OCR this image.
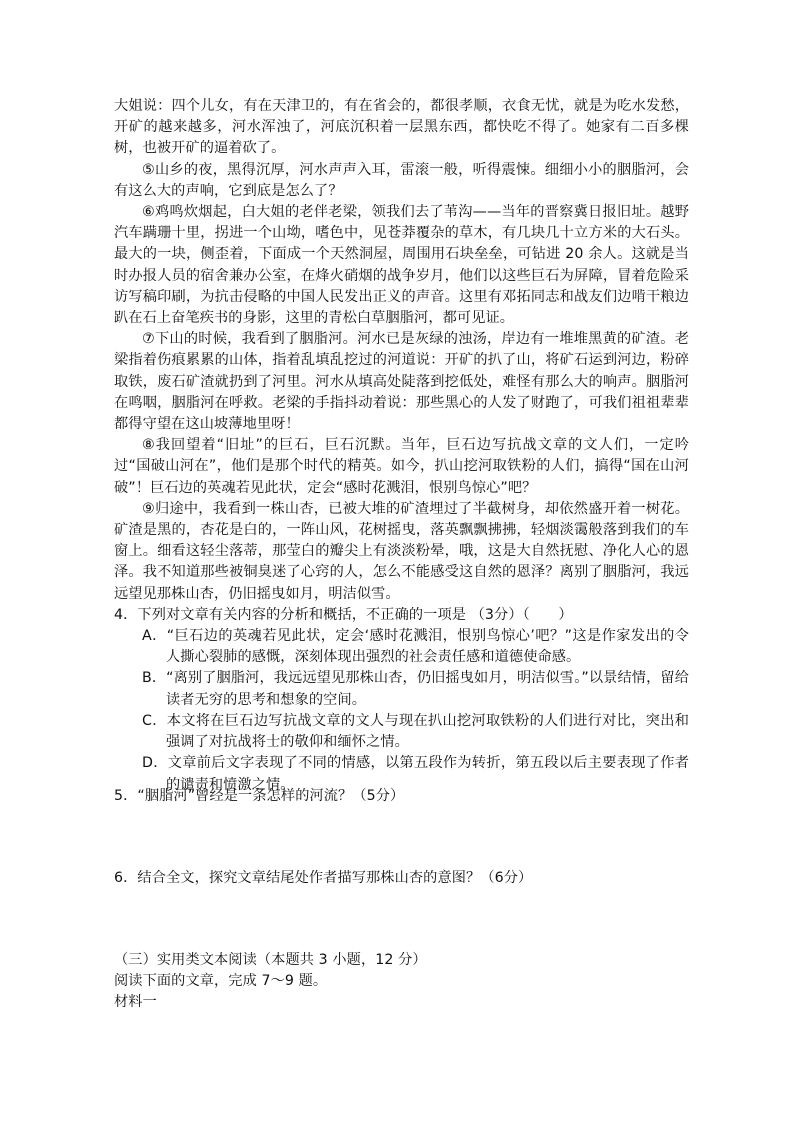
大姐说：四个儿女，有在天津卫的，有在省会的，都很孝顺，衣食无忧，就是为吃水发愁，开矿的越来越多，河水浑浊了，河底沉积着一层黑东西，都快吃不得了。她家有二百多棵树，也被开矿的逼着砍了。

⑤山乡的夜，黑得沉厚，河水声声入耳，雷滚一般，听得震悚。细细小小的胭脂河，会有这么大的声响，它到底是怎么了？

⑥鸡鸣炊烟起，白大姐的老伴老梁，领我们去了苇沟——当年的晋察冀日报旧址。越野汽车蹒珊十里，拐进一个山坳，嗜色中，见苍莽覆杂的草木，有几块几十立方米的大石头。最大的一块，侧歪着，下面成一个天然洞屋，周围用石块垒垒，可钻进 20 余人。这就是当时办报人员的宿舍兼办公室，在烽火硝烟的战争岁月，他们以这些巨石为屏障，冒着危险采访写稿印刷，为抗击侵略的中国人民发出正义的声音。这里有邓拓同志和战友们边啃干粮边趴在石上奋笔疾书的身影，这里的青松白草胭脂河，都可见证。

⑦下山的时候，我看到了胭脂河。河水已是灰绿的浊汤，岸边有一堆堆黑黄的矿渣。老梁指着伤痕累累的山体，指着乱填乱挖过的河道说：开矿的扒了山，将矿石运到河边，粉碎取铁，废石矿渣就扔到了河里。河水从填高处陡落到挖低处，难怪有那么大的响声。胭脂河在鸣咽，胭脂河在呼救。老梁的手指抖动着说：那些黑心的人发了财跑了，可我们祖祖辈辈都得守望在这山坡薄地里呀！

⑧我回望着“旧址”的巨石，巨石沉默。当年，巨石边写抗战文章的文人们，一定吟过“国破山河在”，他们是那个时代的精英。如今，扒山挖河取铁粉的人们，搞得“国在山河破”！巨石边的英魂若见此状，定会“感时花溅泪，恨别鸟惊心”吧？

⑨归途中，我看到一株山杏，已被大堆的矿渣埋过了半截树身，却依然盛开着一树花。矿渣是黑的，杏花是白的，一阵山风，花树摇曳，落英飘飘拂拂，轻烟淡霭般落到我们的车窗上。细看这轻尘落蒂，那莹白的瓣尖上有淡淡粉晕，哦，这是大自然抚慰、净化人心的恩泽。我不知道那些被铜臭迷了心窍的人，怎么不能感受这自然的恩泽？离别了胭脂河，我远远望见那株山杏，仍旧摇曳如月，明洁似雪。

4．下列对文章有关内容的分析和概括，不正确的一项是 （3分）（　　）

A．“巨石边的英魂若见此状，定会‘感时花溅泪，恨别鸟惊心’吧？”这是作家发出的令人撕心裂肺的感慨，深刻体现出强烈的社会责任感和道德使命感。

B．“离别了胭脂河，我远远望见那株山杏，仍旧摇曳如月，明洁似雪。”以景结情，留给读者无穷的思考和想象的空间。

C．本文将在巨石边写抗战文章的文人与现在扒山挖河取铁粉的人们进行对比，突出和强调了对抗战将士的敬仰和缅怀之情。

D．文章前后文字表现了不同的情感，以第五段作为转折，第五段以后主要表现了作者的谴责和愤激之情。

5．“胭脂河”曾经是一条怎样的河流？（5分）

6．结合全文，探究文章结尾处作者描写那株山杏的意图？（6分）

（三）实用类文本阅读（本题共 3 小题，12 分）

阅读下面的文章，完成 7～9 题。

材料一
